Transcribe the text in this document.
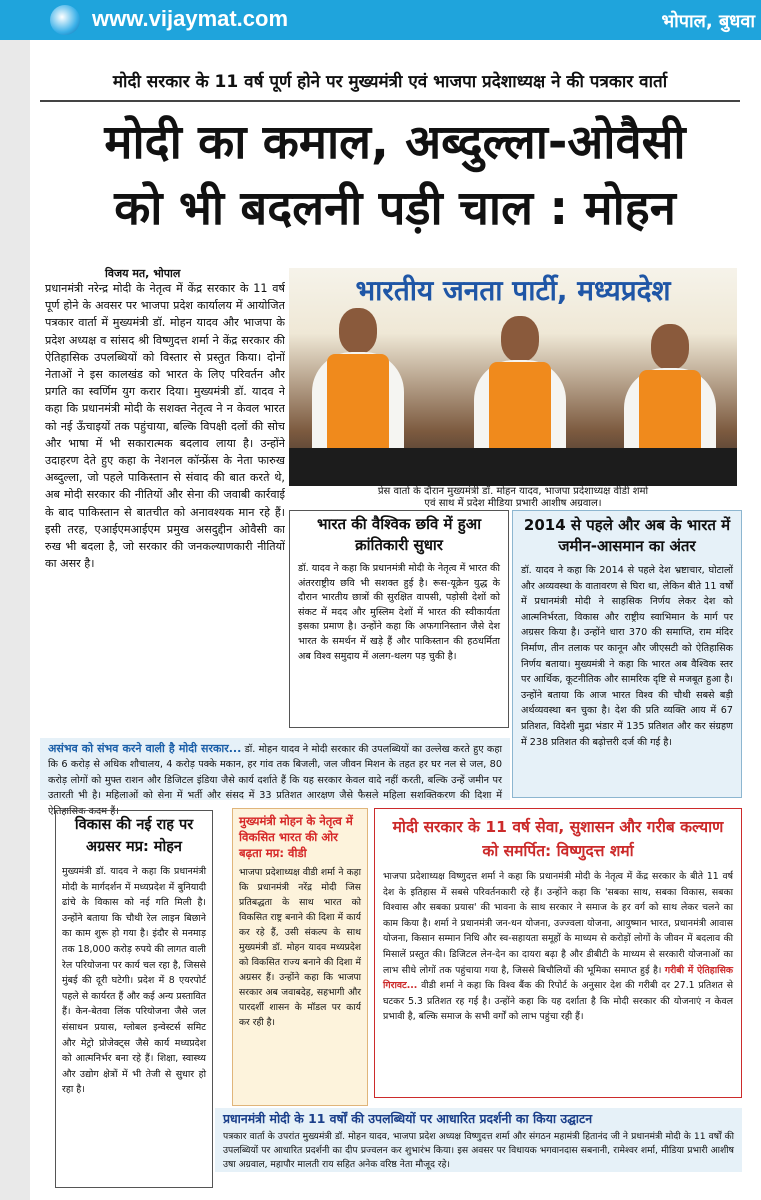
www.vijaymat.com	भोपाल, बुधवा
मोदी सरकार के 11 वर्ष पूर्ण होने पर मुख्यमंत्री एवं भाजपा प्रदेशाध्यक्ष ने की पत्रकार वार्ता
मोदी का कमाल, अब्दुल्ला-ओवैसी
को भी बदलनी पड़ी चाल : मोहन
विजय मत, भोपाल
प्रधानमंत्री नरेन्द्र मोदी के नेतृत्व में केंद्र सरकार के 11 वर्ष पूर्ण होने के अवसर पर भाजपा प्रदेश कार्यालय में आयोजित पत्रकार वार्ता में मुख्यमंत्री डॉ. मोहन यादव और भाजपा के प्रदेश अध्यक्ष व सांसद श्री विष्णुदत्त शर्मा ने केंद्र सरकार की ऐतिहासिक उपलब्धियों को विस्तार से प्रस्तुत किया। दोनों नेताओं ने इस कालखंड को भारत के लिए परिवर्तन और प्रगति का स्वर्णिम युग करार दिया। मुख्यमंत्री डॉ. यादव ने कहा कि प्रधानमंत्री मोदी के सशक्त नेतृत्व ने न केवल भारत को नई ऊँचाइयों तक पहुंचाया, बल्कि विपक्षी दलों की सोच और भाषा में भी सकारात्मक बदलाव लाया है। उन्होंने उदाहरण देते हुए कहा के नेशनल कॉन्फ्रेंस के नेता फारुख अब्दुल्ला, जो पहले पाकिस्तान से संवाद की बात करते थे, अब मोदी सरकार की नीतियों और सेना की जवाबी कार्रवाई के बाद पाकिस्तान से बातचीत को अनावश्यक मान रहे हैं। इसी तरह, एआईएमआईएम प्रमुख असदुद्दीन ओवैसी का रुख भी बदला है, जो सरकार की जनकल्याणकारी नीतियों का असर है।
भारतीय जनता पार्टी, मध्यप्रदेश
प्रेस वार्ता के दौरान मुख्यमंत्री डॉ. मोहन यादव, भाजपा प्रदेशाध्यक्ष वीडी शर्मा
एवं साथ में प्रदेश मीडिया प्रभारी आशीष अग्रवाल।
भारत की वैश्विक छवि में हुआ क्रांतिकारी सुधार
डॉ. यादव ने कहा कि प्रधानमंत्री मोदी के नेतृत्व में भारत की अंतरराष्ट्रीय छवि भी सशक्त हुई है। रूस-यूक्रेन युद्ध के दौरान भारतीय छात्रों की सुरक्षित वापसी, पड़ोसी देशों को संकट में मदद और मुस्लिम देशों में भारत की स्वीकार्यता इसका प्रमाण है। उन्होंने कहा कि अफगानिस्तान जैसे देश भारत के समर्थन में खड़े हैं और पाकिस्तान की हठधर्मिता अब विश्व समुदाय में अलग-थलग पड़ चुकी है।
2014 से पहले और अब के भारत में जमीन-आसमान का अंतर
डॉ. यादव ने कहा कि 2014 से पहले देश भ्रष्टाचार, घोटालों और अव्यवस्था के वातावरण से घिरा था, लेकिन बीते 11 वर्षों में प्रधानमंत्री मोदी ने साहसिक निर्णय लेकर देश को आत्मनिर्भरता, विकास और राष्ट्रीय स्वाभिमान के मार्ग पर अग्रसर किया है। उन्होंने धारा 370 की समाप्ति, राम मंदिर निर्माण, तीन तलाक पर कानून और जीएसटी को ऐतिहासिक निर्णय बताया। मुख्यमंत्री ने कहा कि भारत अब वैश्विक स्तर पर आर्थिक, कूटनीतिक और सामरिक दृष्टि से मजबूत हुआ है। उन्होंने बताया कि आज भारत विश्व की चौथी सबसे बड़ी अर्थव्यवस्था बन चुका है। देश की प्रति व्यक्ति आय में 67 प्रतिशत, विदेशी मुद्रा भंडार में 135 प्रतिशत और कर संग्रहण में 238 प्रतिशत की बढ़ोत्तरी दर्ज की गई है।
असंभव को संभव करने वाली है मोदी सरकार... डॉ. मोहन यादव ने मोदी सरकार की उपलब्धियों का उल्लेख करते हुए कहा कि 6 करोड़ से अधिक शौचालय, 4 करोड़ पक्के मकान, हर गांव तक बिजली, जल जीवन मिशन के तहत हर घर नल से जल, 80 करोड़ लोगों को मुफ्त राशन और डिजिटल इंडिया जैसे कार्य दर्शाते हैं कि यह सरकार केवल वादे नहीं करती, बल्कि उन्हें जमीन पर उतारती भी है। महिलाओं को सेना में भर्ती और संसद में 33 प्रतिशत आरक्षण जैसे फैसले महिला सशक्तिकरण की दिशा में ऐतिहासिक कदम हैं।
विकास की नई राह पर अग्रसर मप्र: मोहन
मुख्यमंत्री डॉ. यादव ने कहा कि प्रधानमंत्री मोदी के मार्गदर्शन में मध्यप्रदेश में बुनियादी ढांचे के विकास को नई गति मिली है। उन्होंने बताया कि चौथी रेल लाइन बिछाने का काम शुरू हो गया है। इंदौर से मनमाड़ तक 18,000 करोड़ रुपये की लागत वाली रेल परियोजना पर कार्य चल रहा है, जिससे मुंबई की दूरी घटेगी। प्रदेश में 8 एयरपोर्ट पहले से कार्यरत हैं और कई अन्य प्रस्तावित हैं। केन-बेतवा लिंक परियोजना जैसे जल संसाधन प्रयास, ग्लोबल इन्वेस्टर्स समिट और मेट्रो प्रोजेक्ट्स जैसे कार्य मध्यप्रदेश को आत्मनिर्भर बना रहे हैं। शिक्षा, स्वास्थ्य और उद्योग क्षेत्रों में भी तेजी से सुधार हो रहा है।
मुख्यमंत्री मोहन के नेतृत्व में विकसित भारत की ओर बढ़ता मप्र: वीडी
भाजपा प्रदेशाध्यक्ष वीडी शर्मा ने कहा कि प्रधानमंत्री नरेंद्र मोदी जिस प्रतिबद्धता के साथ भारत को विकसित राष्ट्र बनाने की दिशा में कार्य कर रहे हैं, उसी संकल्प के साथ मुख्यमंत्री डॉ. मोहन यादव मध्यप्रदेश को विकसित राज्य बनाने की दिशा में अग्रसर हैं। उन्होंने कहा कि भाजपा सरकार अब जवाबदेह, सहभागी और पारदर्शी शासन के मॉडल पर कार्य कर रही है।
मोदी सरकार के 11 वर्ष सेवा, सुशासन और गरीब कल्याण को समर्पित: विष्णुदत्त शर्मा
भाजपा प्रदेशाध्यक्ष विष्णुदत्त शर्मा ने कहा कि प्रधानमंत्री मोदी के नेतृत्व में केंद्र सरकार के बीते 11 वर्ष देश के इतिहास में सबसे परिवर्तनकारी रहे हैं। उन्होंने कहा कि 'सबका साथ, सबका विकास, सबका विश्वास और सबका प्रयास' की भावना के साथ सरकार ने समाज के हर वर्ग को साथ लेकर चलने का काम किया है। शर्मा ने प्रधानमंत्री जन-धन योजना, उज्ज्वला योजना, आयुष्मान भारत, प्रधानमंत्री आवास योजना, किसान सम्मान निधि और स्व-सहायता समूहों के माध्यम से करोड़ों लोगों के जीवन में बदलाव की मिसालें प्रस्तुत की। डिजिटल लेन-देन का दायरा बढ़ा है और डीबीटी के माध्यम से सरकारी योजनाओं का लाभ सीधे लोगों तक पहुंचाया गया है, जिससे बिचौलियों की भूमिका समाप्त हुई है। गरीबी में ऐतिहासिक गिरावट... वीडी शर्मा ने कहा कि विश्व बैंक की रिपोर्ट के अनुसार देश की गरीबी दर 27.1 प्रतिशत से घटकर 5.3 प्रतिशत रह गई है। उन्होंने कहा कि यह दर्शाता है कि मोदी सरकार की योजनाएं न केवल प्रभावी है, बल्कि समाज के सभी वर्गों को लाभ पहुंचा रही हैं।
प्रधानमंत्री मोदी के 11 वर्षों की उपलब्धियों पर आधारित प्रदर्शनी का किया उद्घाटन
पत्रकार वार्ता के उपरांत मुख्यमंत्री डॉ. मोहन यादव, भाजपा प्रदेश अध्यक्ष विष्णुदत्त शर्मा और संगठन महामंत्री हितानंद जी ने प्रधानमंत्री मोदी के 11 वर्षों की उपलब्धियों पर आधारित प्रदर्शनी का दीप प्रज्वलन कर शुभारंभ किया। इस अवसर पर विधायक भगवानदास सबनानी, रामेश्वर शर्मा, मीडिया प्रभारी आशीष उषा अग्रवाल, महापौर मालती राय सहित अनेक वरिष्ठ नेता मौजूद रहे।
